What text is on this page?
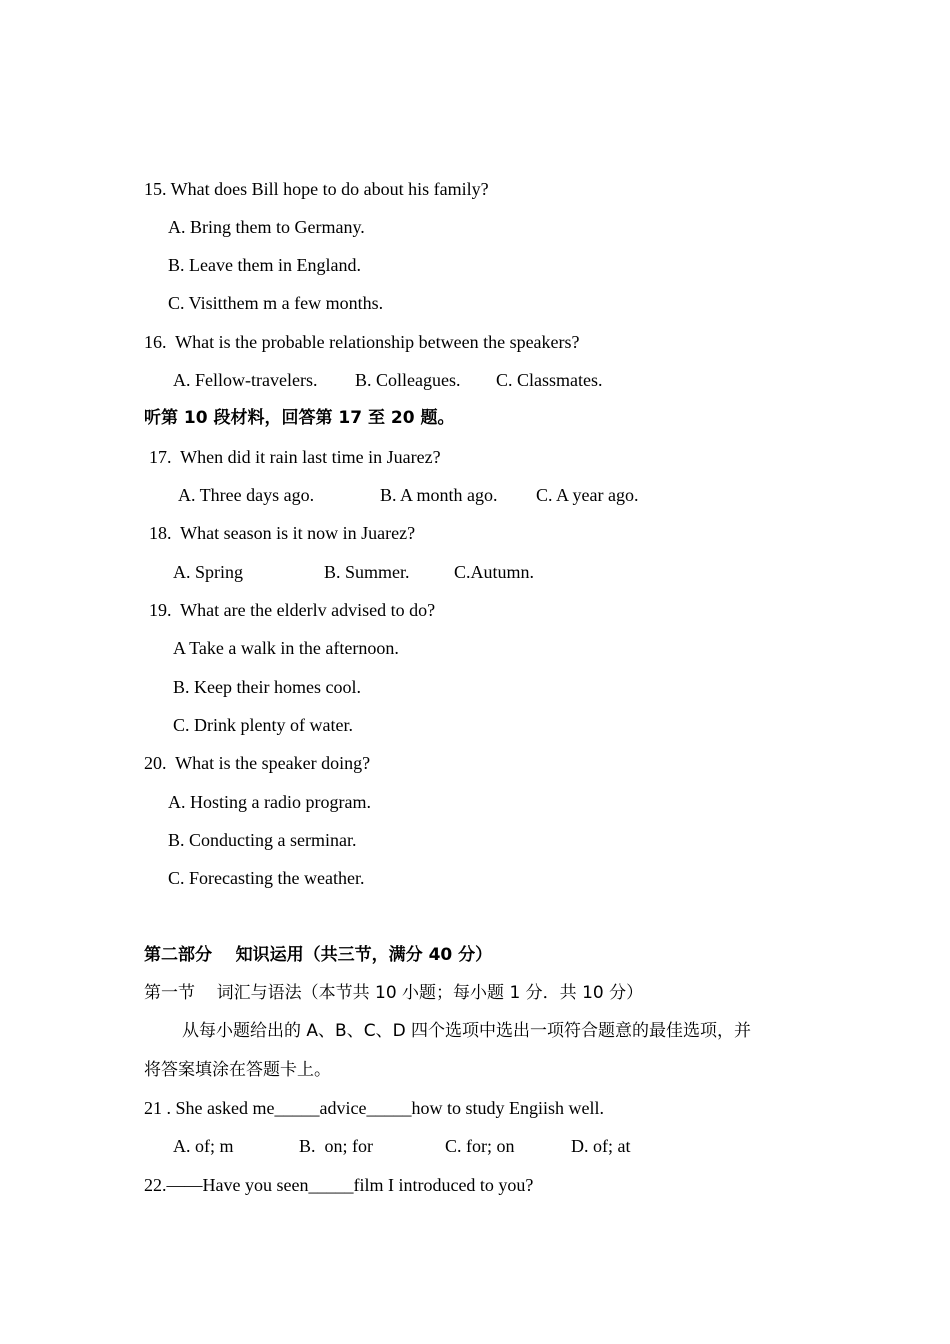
15. What does Bill hope to do about his family?
A. Bring them to Germany.
B. Leave them in England.
C. Visitthem m a few months.
16.  What is the probable relationship between the speakers?
A. Fellow-travelers. B. Colleagues. C. Classmates.
听第 10 段材料，回答第 17 至 20 题。
17.  When did it rain last time in Juarez?
A. Three days ago.	B. A month ago. C. A year ago.
18.  What season is it now in Juarez?
A. Spring	B. Summer. C.Autumn.
19.  What are the elderlv advised to do?
A Take a walk in the afternoon.
B. Keep their homes cool.
C. Drink plenty of water.
20.  What is the speaker doing?
A. Hosting a radio program.
B. Conducting a serminar.
C. Forecasting the weather.
第二部分    知识运用（共三节，满分 40 分）
第一节    词汇与语法（本节共 10 小题；每小题 1 分．共 10 分）
从每小题给出的 A、B、C、D 四个选项中选出一项符合题意的最佳选项，并
将答案填涂在答题卡上。
21 . She asked me_____advice_____how to study Engiish well.
A. of; m	B.  on; for	C. for; on	D. of; at
22.——Have you seen_____film I introduced to you?
